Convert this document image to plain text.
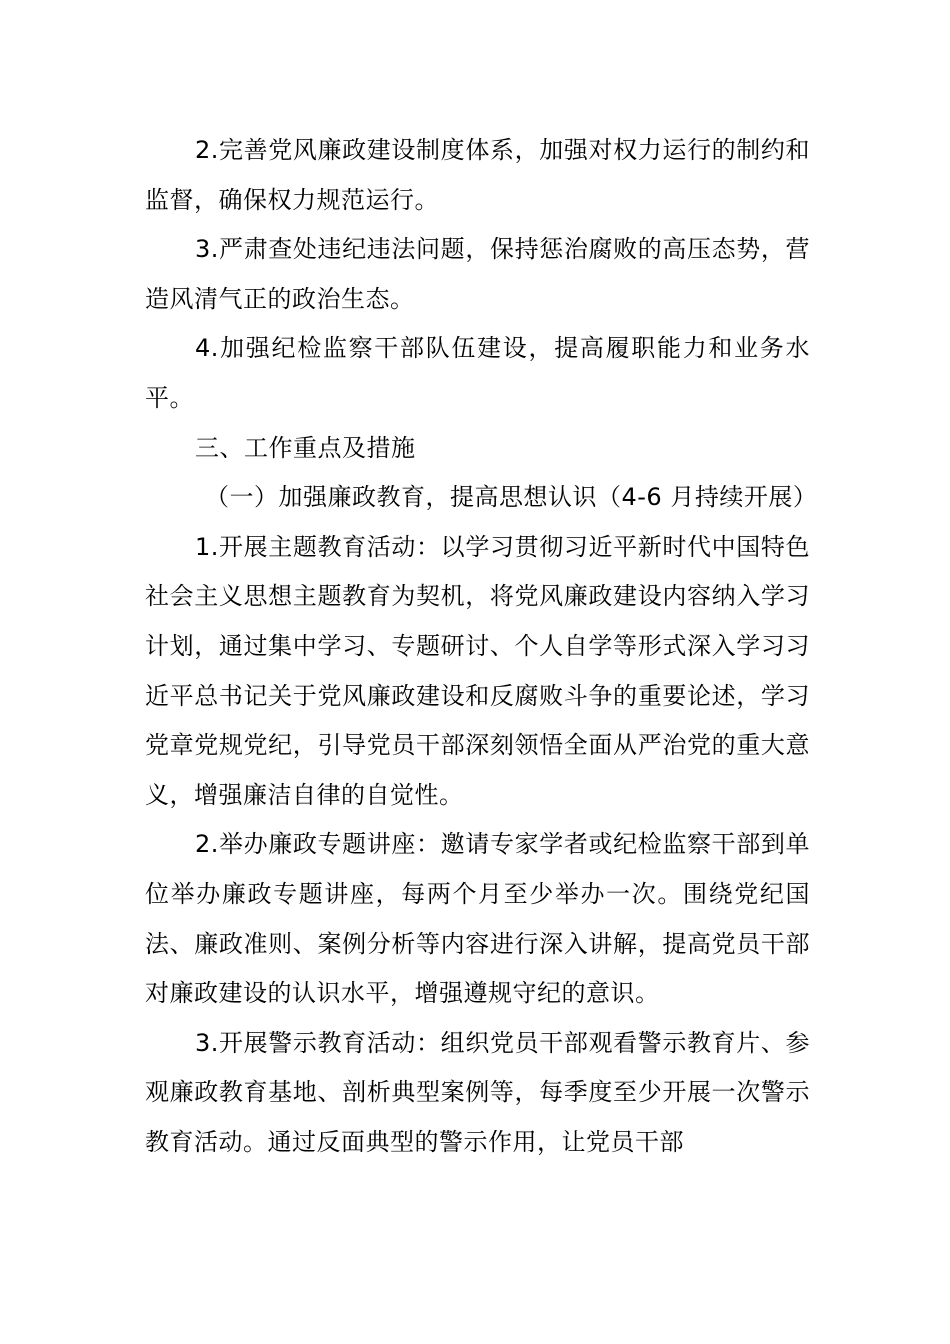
2.完善党风廉政建设制度体系，加强对权力运行的制约和监督，确保权力规范运行。

3.严肃查处违纪违法问题，保持惩治腐败的高压态势，营造风清气正的政治生态。

4.加强纪检监察干部队伍建设，提高履职能力和业务水平。

三、工作重点及措施

（一）加强廉政教育，提高思想认识（4-6 月持续开展）

1.开展主题教育活动：以学习贯彻习近平新时代中国特色社会主义思想主题教育为契机，将党风廉政建设内容纳入学习计划，通过集中学习、专题研讨、个人自学等形式深入学习习近平总书记关于党风廉政建设和反腐败斗争的重要论述，学习党章党规党纪，引导党员干部深刻领悟全面从严治党的重大意义，增强廉洁自律的自觉性。

2.举办廉政专题讲座：邀请专家学者或纪检监察干部到单位举办廉政专题讲座，每两个月至少举办一次。围绕党纪国法、廉政准则、案例分析等内容进行深入讲解，提高党员干部对廉政建设的认识水平，增强遵规守纪的意识。

3.开展警示教育活动：组织党员干部观看警示教育片、参观廉政教育基地、剖析典型案例等，每季度至少开展一次警示教育活动。通过反面典型的警示作用，让党员干部
